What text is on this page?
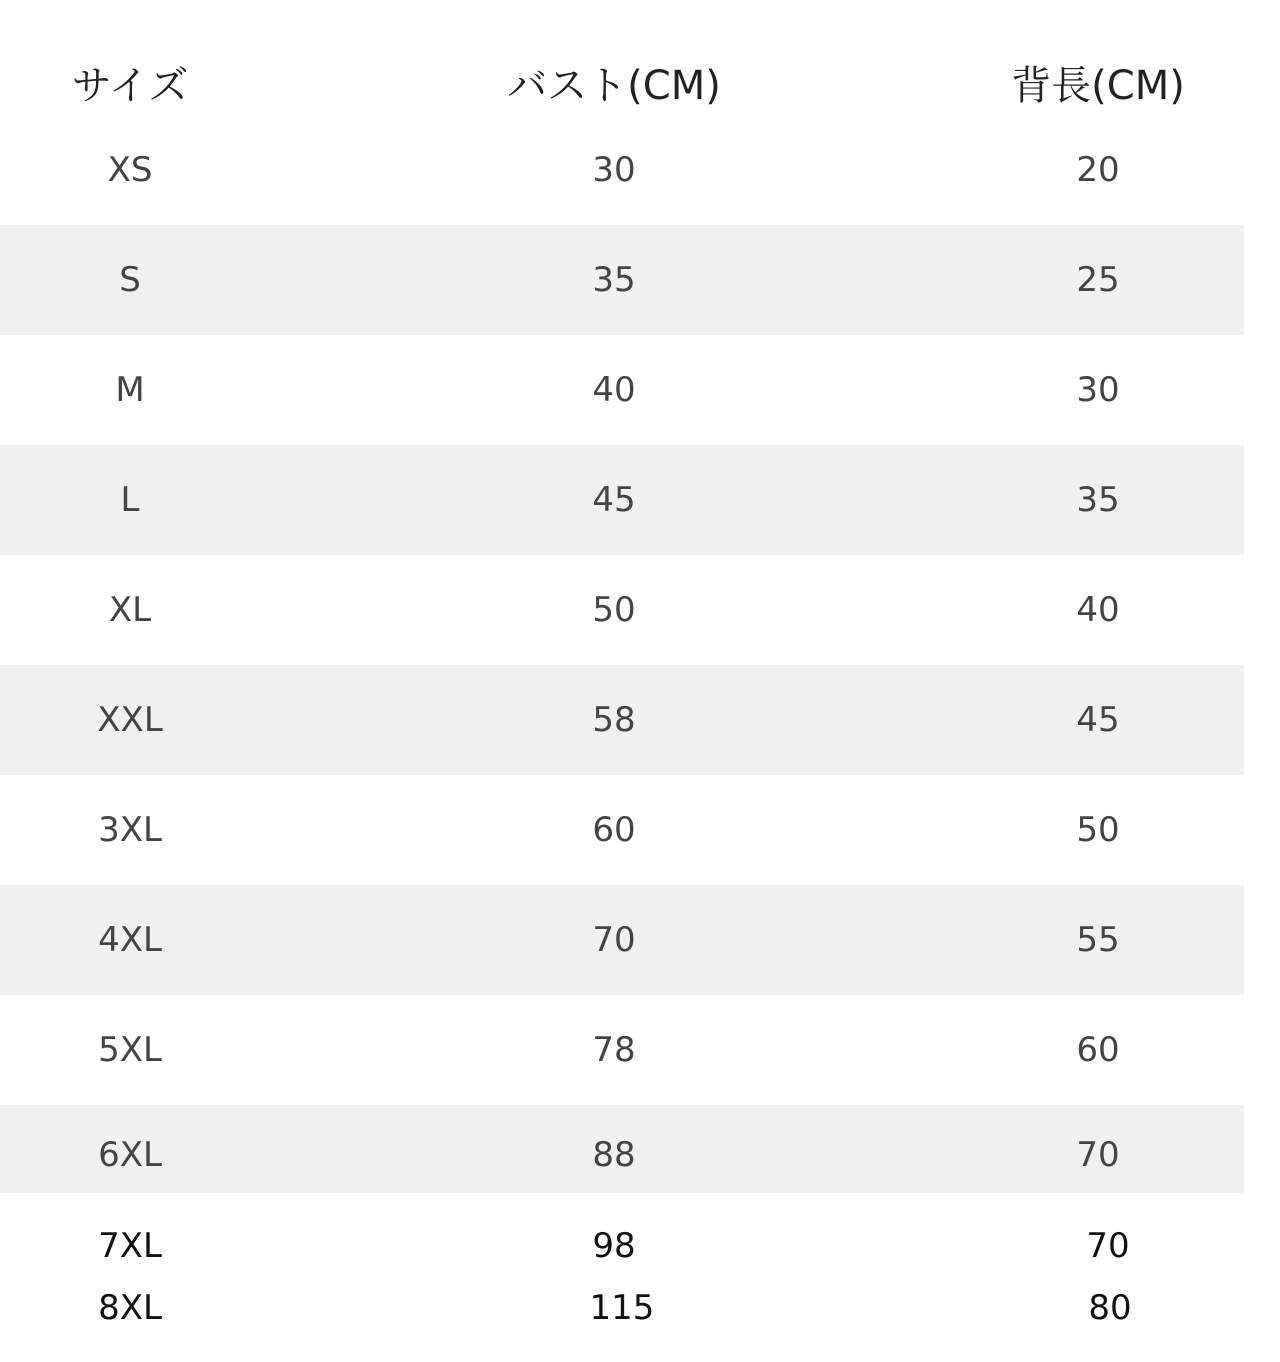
サイズ	バスト(CM)	背長(CM)
XS	30	20
S	35	25
M	40	30
L	45	35
XL	50	40
XXL	58	45
3XL	60	50
4XL	70	55
5XL	78	60
6XL	88	70
7XL	98	70
8XL	115	80
